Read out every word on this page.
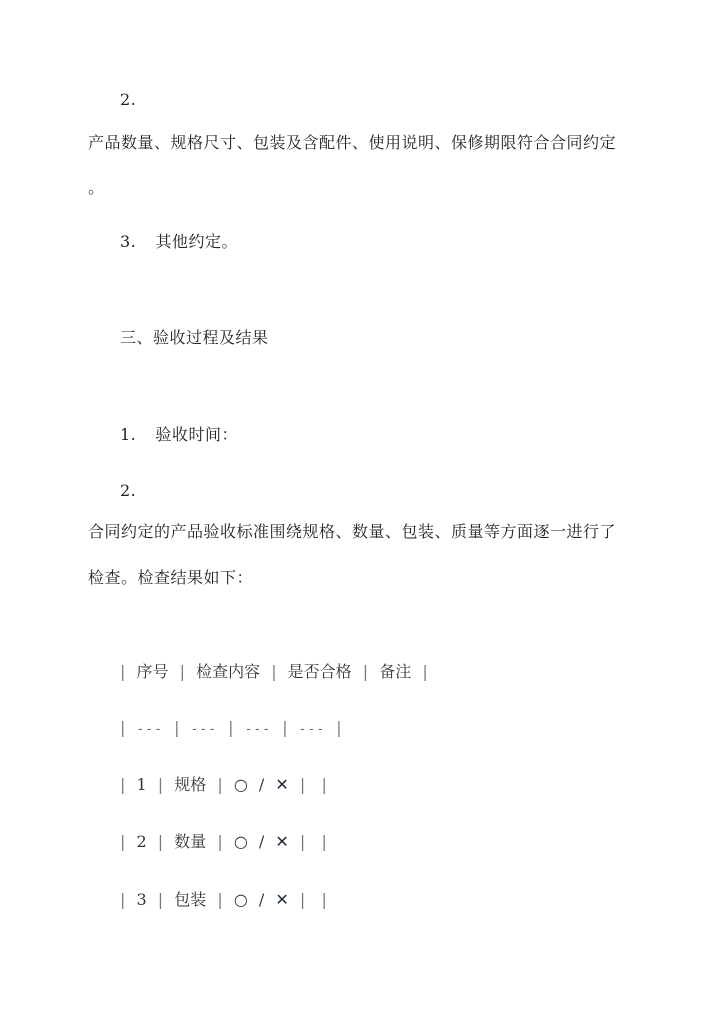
2.
产品数量、规格尺寸、包装及含配件、使用说明、保修期限符合合同约定
。
3. 其他约定。
三、验收过程及结果
1. 验收时间：
2.
合同约定的产品验收标准围绕规格、数量、包装、质量等方面逐一进行了
检查。检查结果如下：
| 序号 | 检查内容 | 是否合格 | 备注 |
| --- | --- | --- | --- |
| 1 | 规格 | ○ / ✕ | |
| 2 | 数量 | ○ / ✕ | |
| 3 | 包装 | ○ / ✕ | |
